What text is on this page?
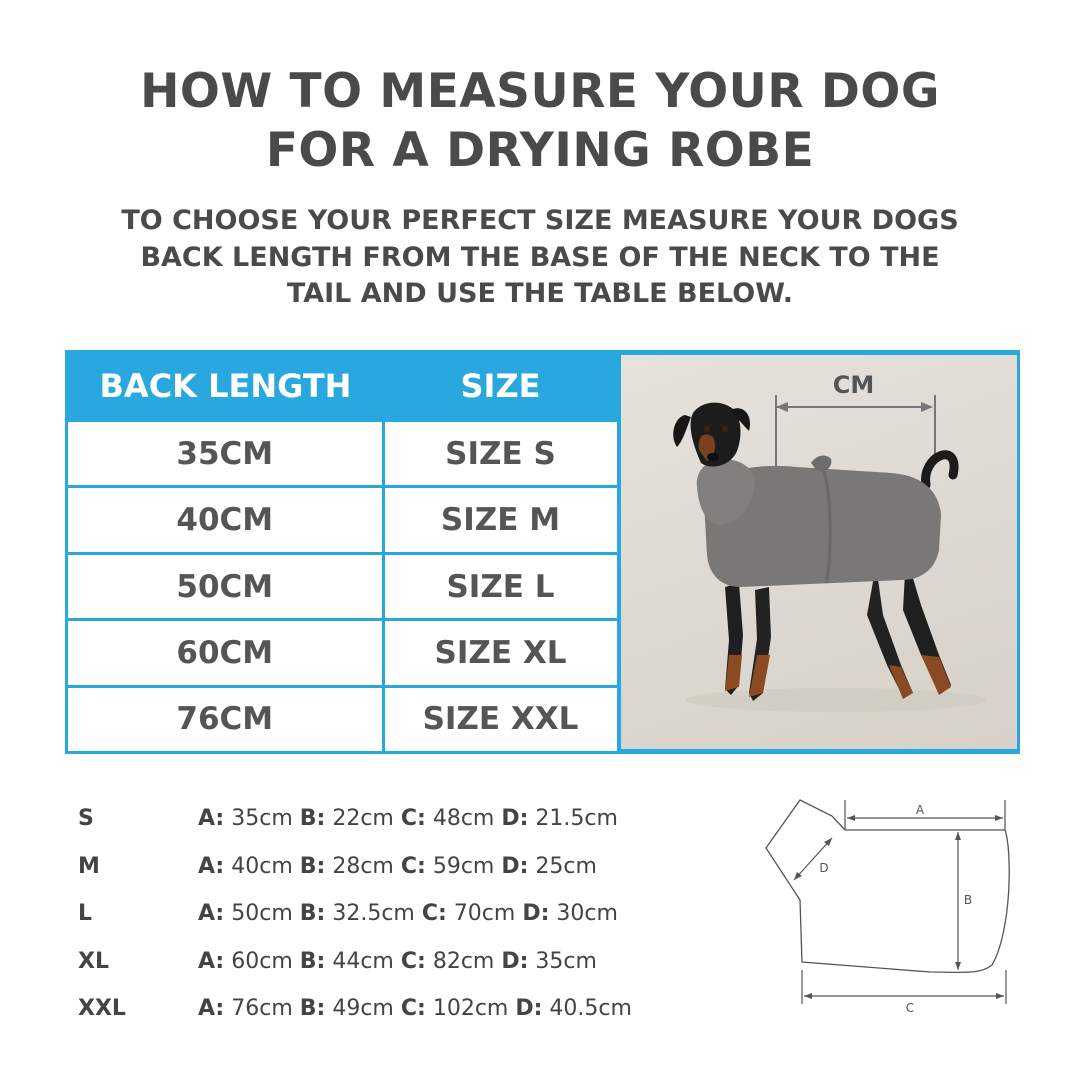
HOW TO MEASURE YOUR DOG
FOR A DRYING ROBE
TO CHOOSE YOUR PERFECT SIZE MEASURE YOUR DOGS
BACK LENGTH FROM THE BASE OF THE NECK TO THE
TAIL AND USE THE TABLE BELOW.
BACK LENGTH	SIZE
35CM	SIZE S
40CM	SIZE M
50CM	SIZE L
60CM	SIZE XL
76CM	SIZE XXL
CM
S	A: 35cm B: 22cm C: 48cm D: 21.5cm
M	A: 40cm B: 28cm C: 59cm D: 25cm
L	A: 50cm B: 32.5cm C: 70cm D: 30cm
XL	A: 60cm B: 44cm C: 82cm D: 35cm
XXL	A: 76cm B: 49cm C: 102cm D: 40.5cm
A
B
C
D
